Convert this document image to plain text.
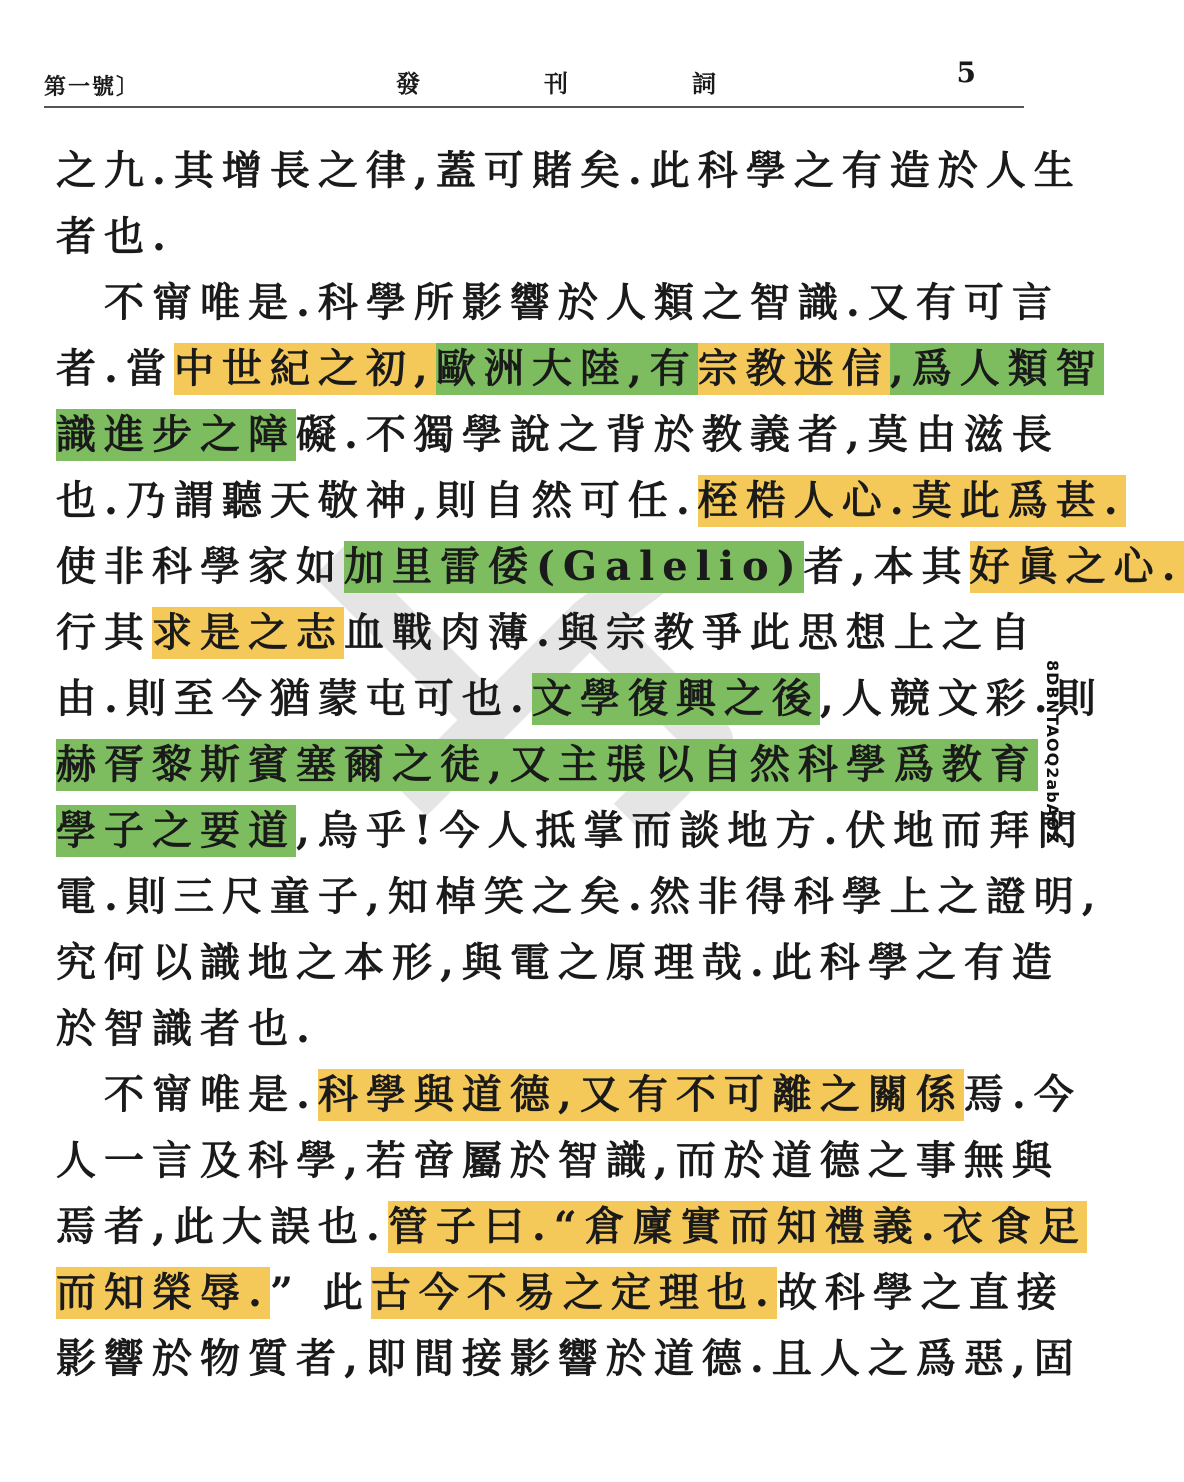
第一號〕	發	刊	詞	5
之九.其增長之律,蓋可賭矣.此科學之有造於人生
者也.
不甯唯是.科學所影響於人類之智識.又有可言
者.當 中世紀之初, 歐洲大陸,有 宗教迷信 ,爲人類智
識進步之障 礙.不獨學說之背於教義者,莫由滋長
也.乃謂聽天敬神,則自然可任. 桎梏人心.莫此爲甚.
使非科學家如 加里雷倭(Galelio) 者,本其 好眞之心.
行其 求是之志 血戰肉薄.與宗教爭此思想上之自
由.則至今猶蒙屯可也. 文學復興之後 ,人競文彩.則
赫胥黎斯賓塞爾之徒,又主張以自然科學爲教育
學子之要道 ,烏乎!今人抵掌而談地方.伏地而拜閃
電.則三尺童子,知棹笑之矣.然非得科學上之證明,
究何以識地之本形,與電之原理哉.此科學之有造
於智識者也.
不甯唯是. 科學與道德,又有不可離之關係 焉.今
人一言及科學,若啻屬於智識,而於道德之事無與
焉者,此大誤也. 管子曰.“倉廩實而知禮義.衣食足
而知榮辱. ” 此 古今不易之定理也. 故科學之直接
影響於物質者,即間接影響於道德.且人之爲惡,固
8DBNTAOQ2abAOZ
